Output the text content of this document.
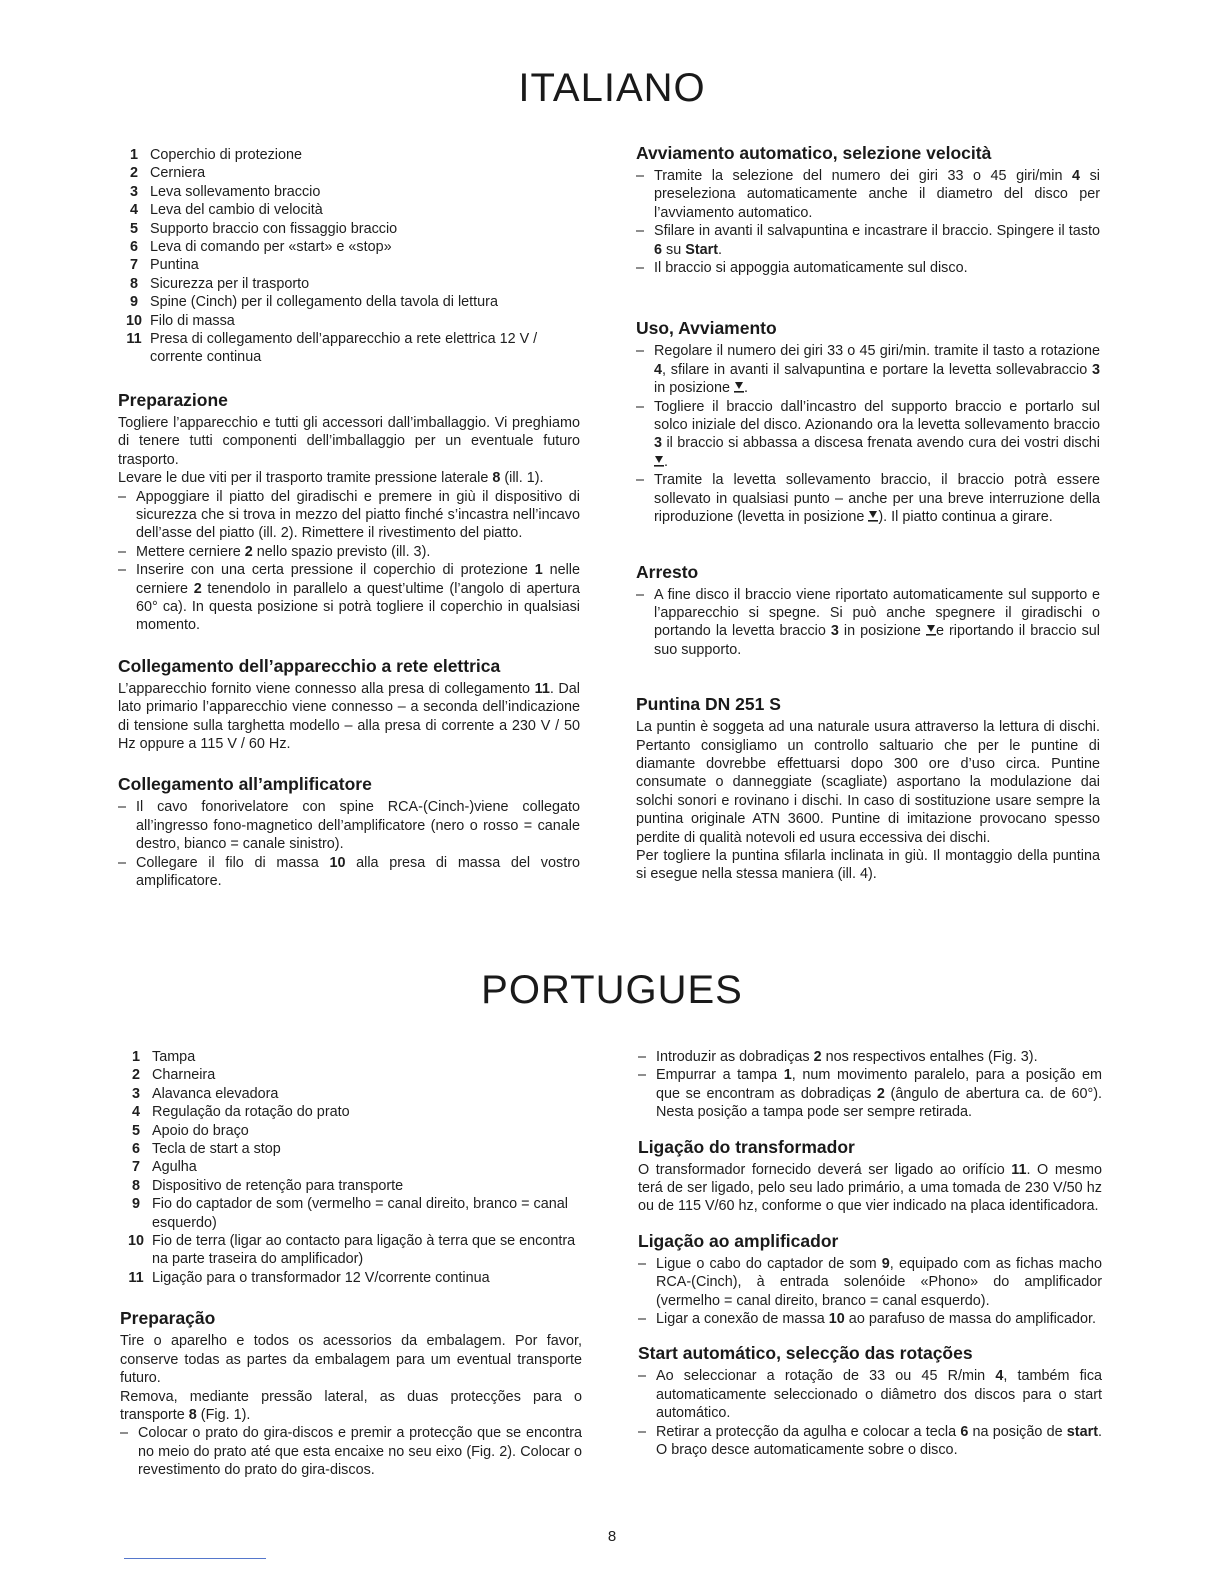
ITALIANO
1 Coperchio di protezione
2 Cerniera
3 Leva sollevamento braccio
4 Leva del cambio di velocità
5 Supporto braccio con fissaggio braccio
6 Leva di comando per «start» e «stop»
7 Puntina
8 Sicurezza per il trasporto
9 Spine (Cinch) per il collegamento della tavola di lettura
10 Filo di massa
11 Presa di collegamento dell’apparecchio a rete elettrica 12 V / corrente continua
Preparazione

Togliere l’apparecchio e tutti gli accessori dall’imballaggio. Vi preghiamo di tenere tutti componenti dell’imballaggio per un eventuale futuro trasporto.

Levare le due viti per il trasporto tramite pressione laterale 8 (ill. 1).

– Appoggiare il piatto del giradischi e premere in giù il dispositivo di sicurezza che si trova in mezzo del piatto finché s’incastra nell’incavo dell’asse del piatto (ill. 2). Rimettere il rivestimento del piatto.
– Mettere cerniere 2 nello spazio previsto (ill. 3).
– Inserire con una certa pressione il coperchio di protezione 1 nelle cerniere 2 tenendolo in parallelo a quest’ultime (l’angolo di apertura 60° ca). In questa posizione si potrà togliere il coperchio in qualsiasi momento.
Collegamento dell’apparecchio a rete elettrica

L’apparecchio fornito viene connesso alla presa di collegamento 11. Dal lato primario l’apparecchio viene connesso – a seconda dell’indicazione di tensione sulla targhetta modello – alla presa di corrente a 230 V / 50 Hz oppure a 115 V / 60 Hz.

Collegamento all’amplificatore
– Il cavo fonorivelatore con spine RCA-(Cinch-)viene collegato all’ingresso fono-magnetico dell’amplificatore (nero o rosso = canale destro, bianco = canale sinistro).
– Collegare il filo di massa 10 alla presa di massa del vostro amplificatore.
Avviamento automatico, selezione velocità
– Tramite la selezione del numero dei giri 33 o 45 giri/min 4 si preseleziona automaticamente anche il diametro del disco per l’avviamento automatico.
– Sfilare in avanti il salvapuntina e incastrare il braccio. Spingere il tasto 6 su Start.
– Il braccio si appoggia automaticamente sul disco.
Uso, Avviamento
– Regolare il numero dei giri 33 o 45 giri/min. tramite il tasto a rotazione 4, sfilare in avanti il salvapuntina e portare la levetta sollevabraccio 3 in posizione .
– Togliere il braccio dall’incastro del supporto braccio e portarlo sul solco iniziale del disco. Azionando ora la levetta sollevamento braccio 3 il braccio si abbassa a discesa frenata avendo cura dei vostri dischi .
– Tramite la levetta sollevamento braccio, il braccio potrà essere sollevato in qualsiasi punto – anche per una breve interruzione della riproduzione (levetta in posizione ). Il piatto continua a girare.
Arresto
– A fine disco il braccio viene riportato automaticamente sul supporto e l’apparecchio si spegne. Si può anche spegnere il giradischi o portando la levetta braccio 3 in posizione e riportando il braccio sul suo supporto.
Puntina DN 251 S

La puntin è soggeta ad una naturale usura attraverso la lettura di dischi. Pertanto consigliamo un controllo saltuario che per le puntine di diamante dovrebbe effettuarsi dopo 300 ore d’uso circa. Puntine consumate o danneggiate (scagliate) asportano la modulazione dai solchi sonori e rovinano i dischi. In caso di sostituzione usare sempre la puntina originale ATN 3600. Puntine di imitazione provocano spesso perdite di qualità notevoli ed usura eccessiva dei dischi.

Per togliere la puntina sfilarla inclinata in giù. Il montaggio della puntina si esegue nella stessa maniera (ill. 4).

PORTUGUES
1 Tampa
2 Charneira
3 Alavanca elevadora
4 Regulação da rotação do prato
5 Apoio do braço
6 Tecla de start a stop
7 Agulha
8 Dispositivo de retenção para transporte
9 Fio do captador de som (vermelho = canal direito, branco = canal esquerdo)
10 Fio de terra (ligar ao contacto para ligação à terra que se encontra na parte traseira do amplificador)
11 Ligação para o transformador 12 V/corrente continua
Preparação

Tire o aparelho e todos os acessorios da embalagem. Por favor, conserve todas as partes da embalagem para um eventual transporte futuro.

Remova, mediante pressão lateral, as duas protecções para o transporte 8 (Fig. 1).

– Colocar o prato do gira-discos e premir a protecção que se encontra no meio do prato até que esta encaixe no seu eixo (Fig. 2). Colocar o revestimento do prato do gira-discos.
– Introduzir as dobradiças 2 nos respectivos entalhes (Fig. 3).
– Empurrar a tampa 1, num movimento paralelo, para a posição em que se encontram as dobradiças 2 (ângulo de abertura ca. de 60°). Nesta posição a tampa pode ser sempre retirada.
Ligação do transformador

O transformador fornecido deverá ser ligado ao orifício 11. O mesmo terá de ser ligado, pelo seu lado primário, a uma tomada de 230 V/50 hz ou de 115 V/60 hz, conforme o que vier indicado na placa identificadora.

Ligação ao amplificador
– Ligue o cabo do captador de som 9, equipado com as fichas macho RCA-(Cinch), à entrada solenóide «Phono» do amplificador (vermelho = canal direito, branco = canal esquerdo).
– Ligar a conexão de massa 10 ao parafuso de massa do amplificador.
Start automático, selecção das rotações
– Ao seleccionar a rotação de 33 ou 45 R/min 4, também fica automaticamente seleccionado o diâmetro dos discos para o start automático.
– Retirar a protecção da agulha e colocar a tecla 6 na posição de start. O braço desce automaticamente sobre o disco.
8
